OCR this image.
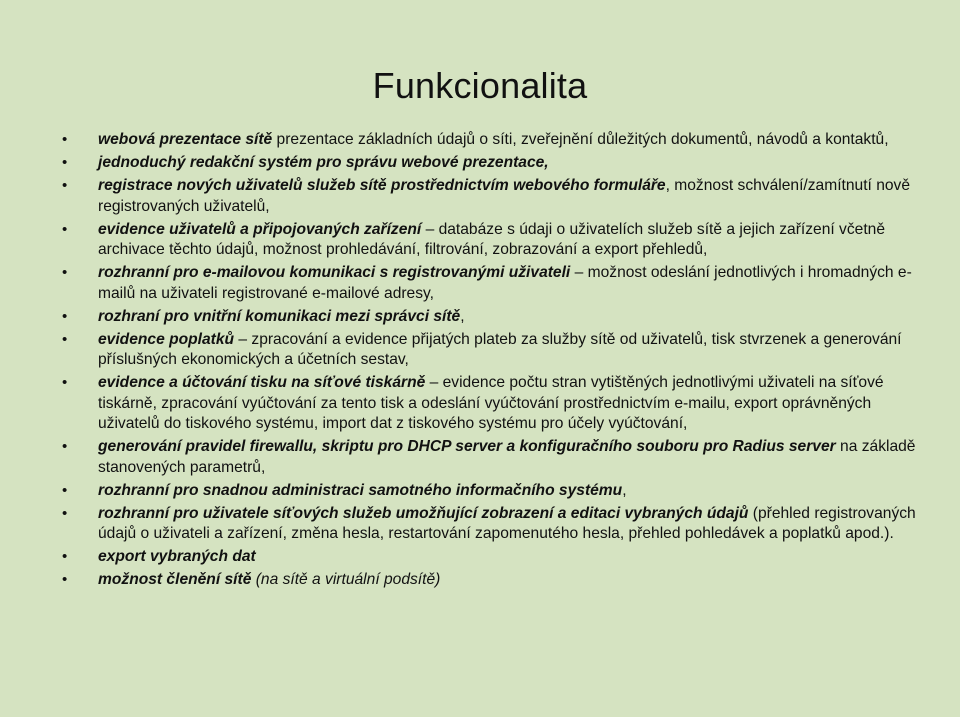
Funkcionalita
• webová prezentace sítě prezentace základních údajů o síti, zveřejnění důležitých dokumentů, návodů a kontaktů,
• jednoduchý redakční systém pro správu webové prezentace,
• registrace nových uživatelů služeb sítě prostřednictvím webového formuláře, možnost schválení/zamítnutí nově registrovaných uživatelů,
• evidence uživatelů a připojovaných zařízení – databáze s údaji o uživatelích služeb sítě a jejich zařízení včetně archivace těchto údajů, možnost prohledávání, filtrování, zobrazování a export přehledů,
• rozhranní pro e-mailovou komunikaci s registrovanými uživateli – možnost odeslání jednotlivých i hromadných e-mailů na uživateli registrované e-mailové adresy,
• rozhraní pro vnitřní komunikaci mezi správci sítě,
• evidence poplatků – zpracování a evidence přijatých plateb za služby sítě od uživatelů, tisk stvrzenek a generování příslušných ekonomických a účetních sestav,
• evidence a účtování tisku na síťové tiskárně – evidence počtu stran vytištěných jednotlivými uživateli na síťové tiskárně, zpracování vyúčtování za tento tisk a odeslání vyúčtování prostřednictvím e-mailu, export oprávněných uživatelů do tiskového systému, import dat z tiskového systému pro účely vyúčtování,
• generování pravidel firewallu, skriptu pro DHCP server a konfiguračního souboru pro Radius server na základě stanovených parametrů,
• rozhranní pro snadnou administraci samotného informačního systému,
• rozhranní pro uživatele síťových služeb umožňující zobrazení a editaci vybraných údajů (přehled registrovaných údajů o uživateli a zařízení, změna hesla, restartování zapomenutého hesla, přehled pohledávek a poplatků apod.).
• export vybraných dat
• možnost členění sítě (na sítě a virtuální podsítě)
